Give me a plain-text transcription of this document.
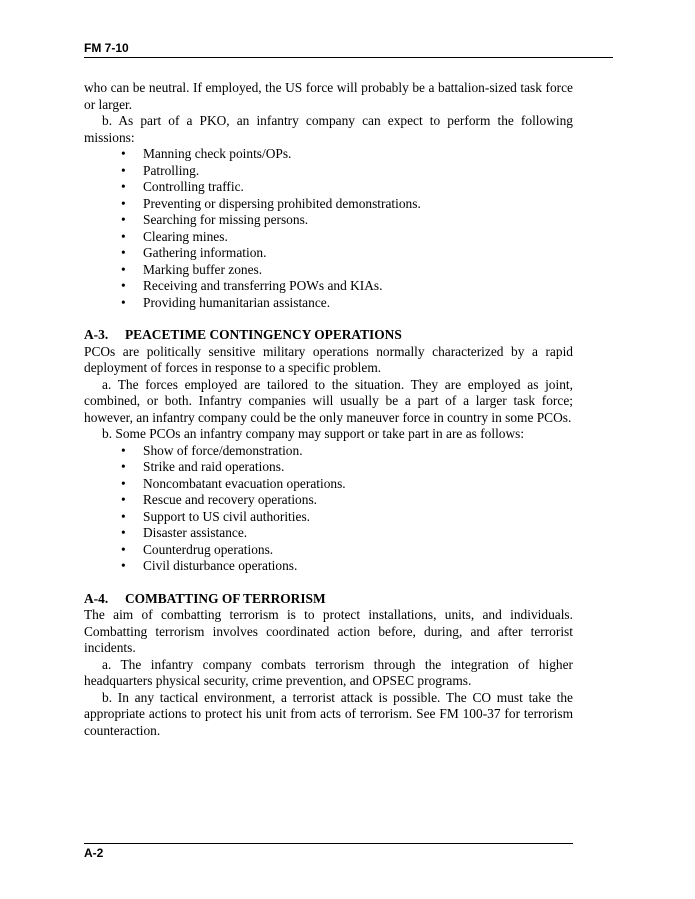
FM 7-10

who can be neutral. If employed, the US force will probably be a battalion-sized task force or larger.

b. As part of a PKO, an infantry company can expect to perform the following missions:

• Manning check points/OPs.
• Patrolling.
• Controlling traffic.
• Preventing or dispersing prohibited demonstrations.
• Searching for missing persons.
• Clearing mines.
• Gathering information.
• Marking buffer zones.
• Receiving and transferring POWs and KIAs.
• Providing humanitarian assistance.

A-3. PEACETIME CONTINGENCY OPERATIONS

PCOs are politically sensitive military operations normally characterized by a rapid deployment of forces in response to a specific problem.

a. The forces employed are tailored to the situation. They are employed as joint, combined, or both. Infantry companies will usually be a part of a larger task force; however, an infantry company could be the only maneuver force in country in some PCOs.

b. Some PCOs an infantry company may support or take part in are as follows:

• Show of force/demonstration.
• Strike and raid operations.
• Noncombatant evacuation operations.
• Rescue and recovery operations.
• Support to US civil authorities.
• Disaster assistance.
• Counterdrug operations.
• Civil disturbance operations.

A-4. COMBATTING OF TERRORISM

The aim of combatting terrorism is to protect installations, units, and individuals. Combatting terrorism involves coordinated action before, during, and after terrorist incidents.

a. The infantry company combats terrorism through the integration of higher headquarters physical security, crime prevention, and OPSEC programs.

b. In any tactical environment, a terrorist attack is possible. The CO must take the appropriate actions to protect his unit from acts of terrorism. See FM 100-37 for terrorism counteraction.

A-2
